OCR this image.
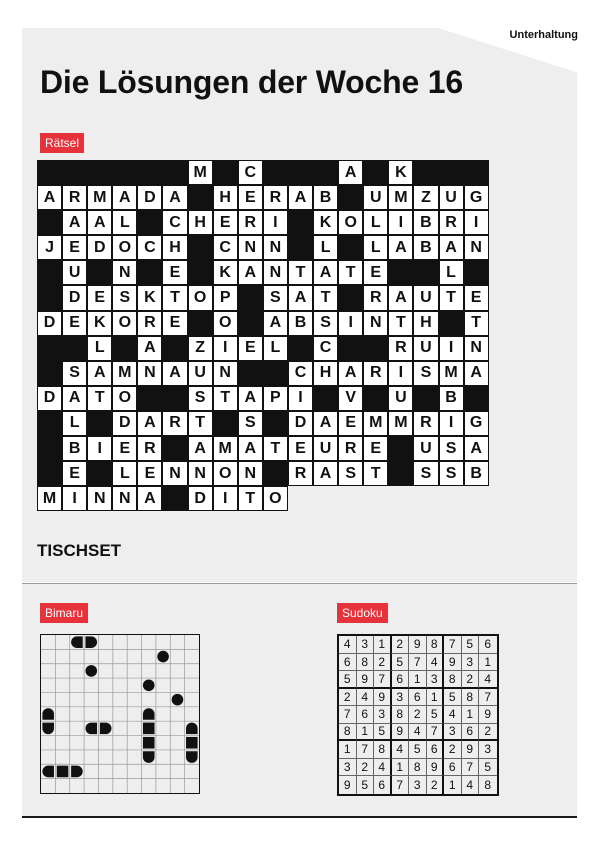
Unterhaltung
Die Lösungen der Woche 16
Rätsel
M	C	A	K
A R M A D A	H E R A B	U M Z U G
A A L	C H E R	I	K O L	I	B R	I
J E D O C H	C N N	L	L A B A N
U	N	E	K A N T A T E	L
D E S K T O P	S A T	R A U T E
D E K O R E	O	A B S	I	N T H	T
L	A	Z	I	E L	C	R U	I	N
S A M N A U N	C H A R	I	S M A
D A T O	S T A P	I	V	U	B
L	D A R T	S	D A E M M R	I	G
B	I	E R	A M A T E U R E	U S A
E	L E N N O N	R A S T	S S B
M	I	N N A	D	I	T O
TISCHSET
Bimaru	Sudoku
4 3 1 2 9 8 7 5 6
6 8 2 5 7 4 9 3 1
5 9 7 6 1 3 8 2 4
2 4 9 3 6 1 5 8 7
7 6 3 8 2 5 4 1 9
8 1 5 9 4 7 3 6 2
1 7 8 4 5 6 2 9 3
3 2 4 1 8 9 6 7 5
9 5 6 7 3 2 1 4 8
